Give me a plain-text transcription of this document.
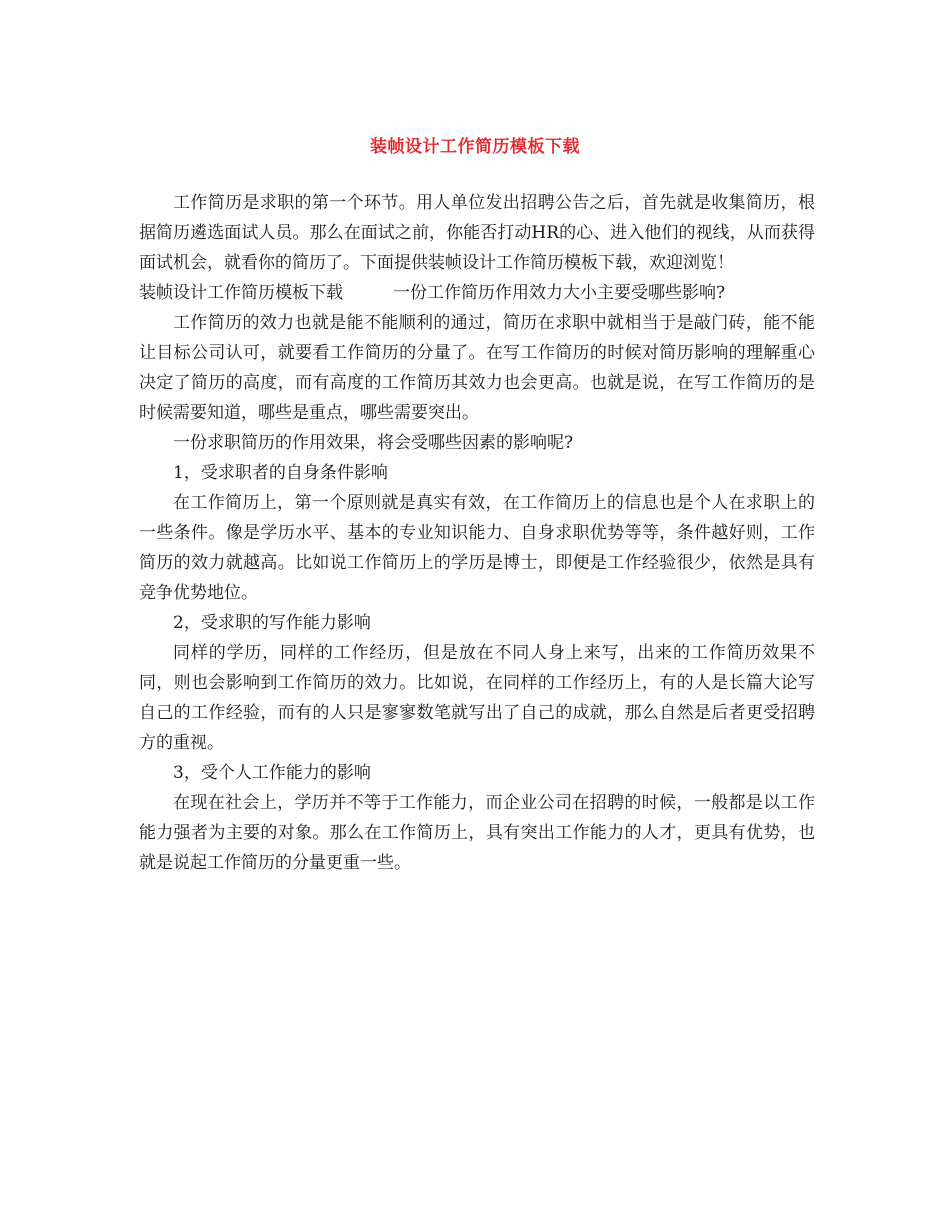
装帧设计工作简历模板下载

工作简历是求职的第一个环节。用人单位发出招聘公告之后，首先就是收集简历，根据简历遴选面试人员。那么在面试之前，你能否打动HR的心、进入他们的视线，从而获得面试机会，就看你的简历了。下面提供装帧设计工作简历模板下载，欢迎浏览！

装帧设计工作简历模板下载	一份工作简历作用效力大小主要受哪些影响?

工作简历的效力也就是能不能顺利的通过，简历在求职中就相当于是敲门砖，能不能让目标公司认可，就要看工作简历的分量了。在写工作简历的时候对简历影响的理解重心决定了简历的高度，而有高度的工作简历其效力也会更高。也就是说，在写工作简历的是时候需要知道，哪些是重点，哪些需要突出。

一份求职简历的作用效果，将会受哪些因素的影响呢?

1，受求职者的自身条件影响

在工作简历上，第一个原则就是真实有效，在工作简历上的信息也是个人在求职上的一些条件。像是学历水平、基本的专业知识能力、自身求职优势等等，条件越好则，工作简历的效力就越高。比如说工作简历上的学历是博士，即便是工作经验很少，依然是具有竞争优势地位。

2，受求职的写作能力影响

同样的学历，同样的工作经历，但是放在不同人身上来写，出来的工作简历效果不同，则也会影响到工作简历的效力。比如说，在同样的工作经历上，有的人是长篇大论写自己的工作经验，而有的人只是寥寥数笔就写出了自己的成就，那么自然是后者更受招聘方的重视。

3，受个人工作能力的影响

在现在社会上，学历并不等于工作能力，而企业公司在招聘的时候，一般都是以工作能力强者为主要的对象。那么在工作简历上，具有突出工作能力的人才，更具有优势，也就是说起工作简历的分量更重一些。
